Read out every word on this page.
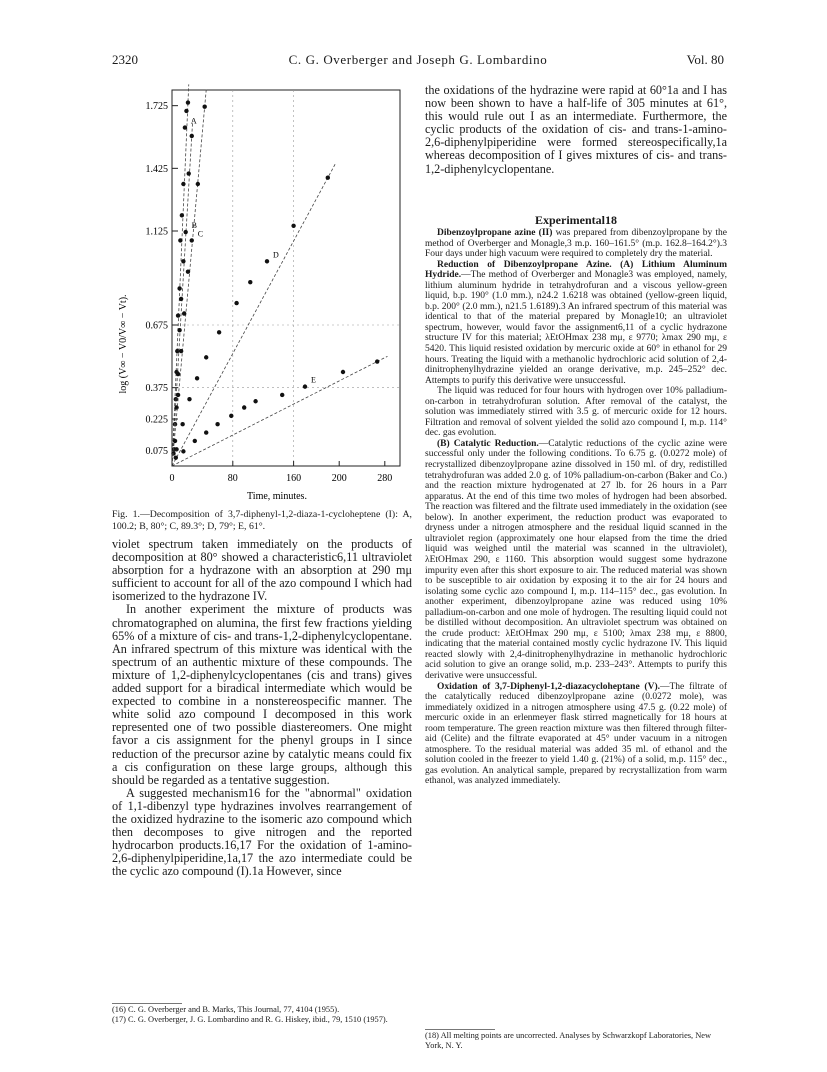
2320	C. G. Overberger and Joseph G. Lombardino	Vol. 80
A
B
C
D
E
1.725
1.425
1.125
0.675
0.375
0.225
0.075
0	80	160	200	280
Time, minutes.
log (V∞ − V0/V∞ − Vt).
Fig. 1.—Decomposition of 3,7-diphenyl-1,2-diaza-1-cycloheptene (I): A, 100.2; B, 80°; C, 89.3°; D, 79°; E, 61°.

violet spectrum taken immediately on the products of decomposition at 80° showed a characteristic6,11 ultraviolet absorption for a hydrazone with an absorption at 290 mμ sufficient to account for all of the azo compound I which had isomerized to the hydrazone IV.

In another experiment the mixture of products was chromatographed on alumina, the first few fractions yielding 65% of a mixture of cis- and trans-1,2-diphenylcyclopentane. An infrared spectrum of this mixture was identical with the spectrum of an authentic mixture of these compounds. The mixture of 1,2-diphenylcyclopentanes (cis and trans) gives added support for a biradical intermediate which would be expected to combine in a nonstereospecific manner. The white solid azo compound I decomposed in this work represented one of two possible diastereomers. One might favor a cis assignment for the phenyl groups in I since reduction of the precursor azine by catalytic means could fix a cis configuration on these large groups, although this should be regarded as a tentative suggestion.

A suggested mechanism16 for the "abnormal" oxidation of 1,1-dibenzyl type hydrazines involves rearrangement of the oxidized hydrazine to the isomeric azo compound which then decomposes to give nitrogen and the reported hydrocarbon products.16,17 For the oxidation of 1-amino-2,6-diphenylpiperidine,1a,17 the azo intermediate could be the cyclic azo compound (I).1a However, since

(16) C. G. Overberger and B. Marks, This Journal, 77, 4104 (1955).

(17) C. G. Overberger, J. G. Lombardino and R. G. Hiskey, ibid., 79, 1510 (1957).

the oxidations of the hydrazine were rapid at 60°1a and I has now been shown to have a half-life of 305 minutes at 61°, this would rule out I as an intermediate. Furthermore, the cyclic products of the oxidation of cis- and trans-1-amino-2,6-diphenylpiperidine were formed stereospecifically,1a whereas decomposition of I gives mixtures of cis- and trans-1,2-diphenylcyclopentane.

Experimental18

Dibenzoylpropane azine (II) was prepared from dibenzoylpropane by the method of Overberger and Monagle,3 m.p. 160–161.5° (m.p. 162.8–164.2°).3 Four days under high vacuum were required to completely dry the material.

Reduction of Dibenzoylpropane Azine. (A) Lithium Aluminum Hydride.—The method of Overberger and Monagle3 was employed, namely, lithium aluminum hydride in tetrahydrofuran and a viscous yellow-green liquid, b.p. 190° (1.0 mm.), n24.2 1.6218 was obtained (yellow-green liquid, b.p. 200° (2.0 mm.), n21.5 1.6189).3 An infrared spectrum of this material was identical to that of the material prepared by Monagle10; an ultraviolet spectrum, however, would favor the assignment6,11 of a cyclic hydrazone structure IV for this material; λEtOHmax 238 mμ, ε 9770; λmax 290 mμ, ε 5420. This liquid resisted oxidation by mercuric oxide at 60° in ethanol for 29 hours. Treating the liquid with a methanolic hydrochloric acid solution of 2,4-dinitrophenylhydrazine yielded an orange derivative, m.p. 245–252° dec. Attempts to purify this derivative were unsuccessful.

The liquid was reduced for four hours with hydrogen over 10% palladium-on-carbon in tetrahydrofuran solution. After removal of the catalyst, the solution was immediately stirred with 3.5 g. of mercuric oxide for 12 hours. Filtration and removal of solvent yielded the solid azo compound I, m.p. 114° dec. gas evolution.

(B) Catalytic Reduction.—Catalytic reductions of the cyclic azine were successful only under the following conditions. To 6.75 g. (0.0272 mole) of recrystallized dibenzoylpropane azine dissolved in 150 ml. of dry, redistilled tetrahydrofuran was added 2.0 g. of 10% palladium-on-carbon (Baker and Co.) and the reaction mixture hydrogenated at 27 lb. for 26 hours in a Parr apparatus. At the end of this time two moles of hydrogen had been absorbed. The reaction was filtered and the filtrate used immediately in the oxidation (see below). In another experiment, the reduction product was evaporated to dryness under a nitrogen atmosphere and the residual liquid scanned in the ultraviolet region (approximately one hour elapsed from the time the dried liquid was weighed until the material was scanned in the ultraviolet), λEtOHmax 290, ε 1160. This absorption would suggest some hydrazone impurity even after this short exposure to air. The reduced material was shown to be susceptible to air oxidation by exposing it to the air for 24 hours and isolating some cyclic azo compound I, m.p. 114–115° dec., gas evolution. In another experiment, dibenzoylpropane azine was reduced using 10% palladium-on-carbon and one mole of hydrogen. The resulting liquid could not be distilled without decomposition. An ultraviolet spectrum was obtained on the crude product: λEtOHmax 290 mμ, ε 5100; λmax 238 mμ, ε 8800, indicating that the material contained mostly cyclic hydrazone IV. This liquid reacted slowly with 2,4-dinitrophenylhydrazine in methanolic hydrochloric acid solution to give an orange solid, m.p. 233–243°. Attempts to purify this derivative were unsuccessful.

Oxidation of 3,7-Diphenyl-1,2-diazacycloheptane (V).—The filtrate of the catalytically reduced dibenzoylpropane azine (0.0272 mole), was immediately oxidized in a nitrogen atmosphere using 47.5 g. (0.22 mole) of mercuric oxide in an erlenmeyer flask stirred magnetically for 18 hours at room temperature. The green reaction mixture was then filtered through filter-aid (Celite) and the filtrate evaporated at 45° under vacuum in a nitrogen atmosphere. To the residual material was added 35 ml. of ethanol and the solution cooled in the freezer to yield 1.40 g. (21%) of a solid, m.p. 115° dec., gas evolution. An analytical sample, prepared by recrystallization from warm ethanol, was analyzed immediately.

(18) All melting points are uncorrected. Analyses by Schwarzkopf Laboratories, New York, N. Y.
